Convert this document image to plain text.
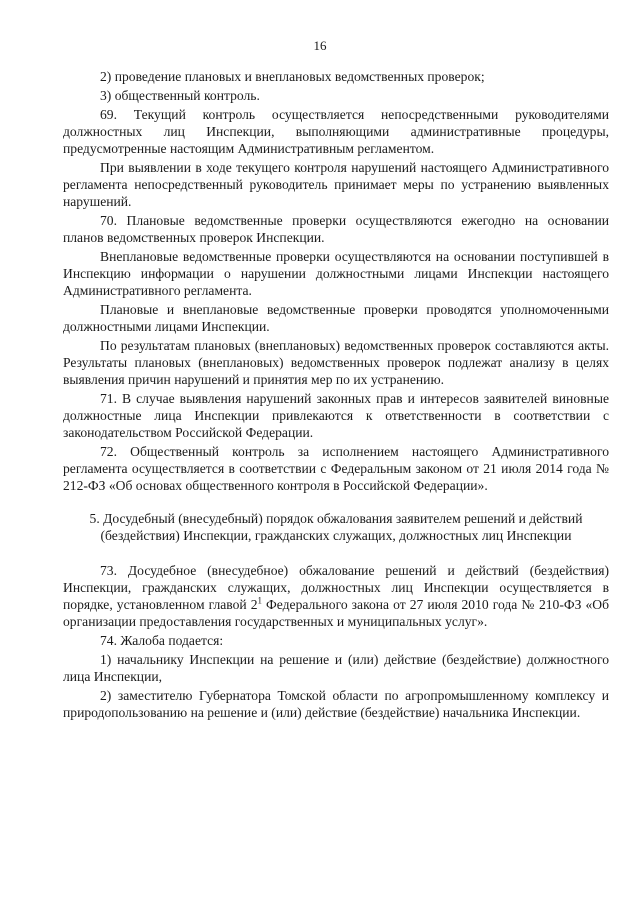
16

2) проведение плановых и внеплановых ведомственных проверок;

3) общественный контроль.

69. Текущий контроль осуществляется непосредственными руководителями должностных лиц Инспекции, выполняющими административные процедуры, предусмотренные настоящим Административным регламентом.

При выявлении в ходе текущего контроля нарушений настоящего Административного регламента непосредственный руководитель принимает меры по устранению выявленных нарушений.

70. Плановые ведомственные проверки осуществляются ежегодно на основании планов ведомственных проверок Инспекции.

Внеплановые ведомственные проверки осуществляются на основании поступившей в Инспекцию информации о нарушении должностными лицами Инспекции настоящего Административного регламента.

Плановые и внеплановые ведомственные проверки проводятся уполномоченными должностными лицами Инспекции.

По результатам плановых (внеплановых) ведомственных проверок составляются акты. Результаты плановых (внеплановых) ведомственных проверок подлежат анализу в целях выявления причин нарушений и принятия мер по их устранению.

71. В случае выявления нарушений законных прав и интересов заявителей виновные должностные лица Инспекции привлекаются к ответственности в соответствии с законодательством Российской Федерации.

72. Общественный контроль за исполнением настоящего Административного регламента осуществляется в соответствии с Федеральным законом от 21 июля 2014 года № 212-ФЗ «Об основах общественного контроля в Российской Федерации».

5. Досудебный (внесудебный) порядок обжалования заявителем решений и действий (бездействия) Инспекции, гражданских служащих, должностных лиц Инспекции

73. Досудебное (внесудебное) обжалование решений и действий (бездействия) Инспекции, гражданских служащих, должностных лиц Инспекции осуществляется в порядке, установленном главой $2^1$ Федерального закона от 27 июля 2010 года № 210-ФЗ «Об организации предоставления государственных и муниципальных услуг».

74. Жалоба подается:

1) начальнику Инспекции на решение и (или) действие (бездействие) должностного лица Инспекции,

2) заместителю Губернатора Томской области по агропромышленному комплексу и природопользованию на решение и (или) действие (бездействие) начальника Инспекции.
